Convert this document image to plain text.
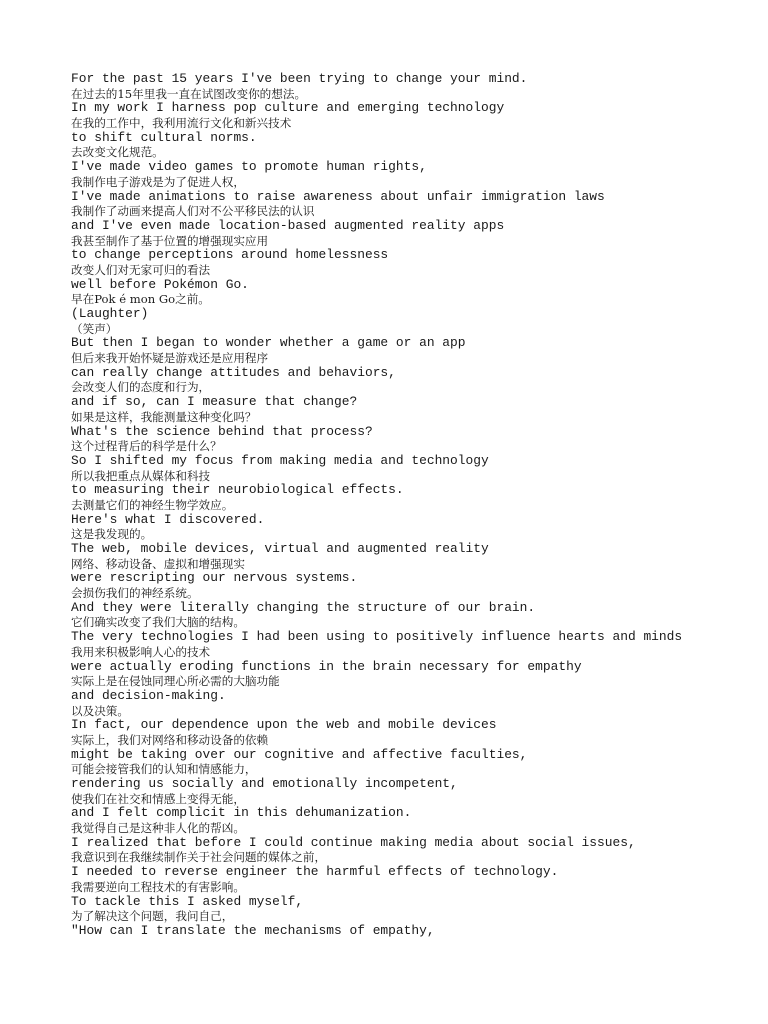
For the past 15 years I've been trying to change your mind.
在过去的15年里我一直在试图改变你的想法。
In my work I harness pop culture and emerging technology
在我的工作中，我利用流行文化和新兴技术
to shift cultural norms.
去改变文化规范。
I've made video games to promote human rights,
我制作电子游戏是为了促进人权，
I've made animations to raise awareness about unfair immigration laws
我制作了动画来提高人们对不公平移民法的认识
and I've even made location-based augmented reality apps
我甚至制作了基于位置的增强现实应用
to change perceptions around homelessness
改变人们对无家可归的看法
well before Pokémon Go.
早在Pok é mon Go之前。
(Laughter)
（笑声）
But then I began to wonder whether a game or an app
但后来我开始怀疑是游戏还是应用程序
can really change attitudes and behaviors,
会改变人们的态度和行为，
and if so, can I measure that change?
如果是这样，我能测量这种变化吗？
What's the science behind that process?
这个过程背后的科学是什么？
So I shifted my focus from making media and technology
所以我把重点从媒体和科技
to measuring their neurobiological effects.
去测量它们的神经生物学效应。
Here's what I discovered.
这是我发现的。
The web, mobile devices, virtual and augmented reality
网络、移动设备、虚拟和增强现实
were rescripting our nervous systems.
会损伤我们的神经系统。
And they were literally changing the structure of our brain.
它们确实改变了我们大脑的结构。
The very technologies I had been using to positively influence hearts and minds
我用来积极影响人心的技术
were actually eroding functions in the brain necessary for empathy
实际上是在侵蚀同理心所必需的大脑功能
and decision-making.
以及决策。
In fact, our dependence upon the web and mobile devices
实际上，我们对网络和移动设备的依赖
might be taking over our cognitive and affective faculties,
可能会接管我们的认知和情感能力，
rendering us socially and emotionally incompetent,
使我们在社交和情感上变得无能，
and I felt complicit in this dehumanization.
我觉得自己是这种非人化的帮凶。
I realized that before I could continue making media about social issues,
我意识到在我继续制作关于社会问题的媒体之前，
I needed to reverse engineer the harmful effects of technology.
我需要逆向工程技术的有害影响。
To tackle this I asked myself,
为了解决这个问题，我问自己，
"How can I translate the mechanisms of empathy,
